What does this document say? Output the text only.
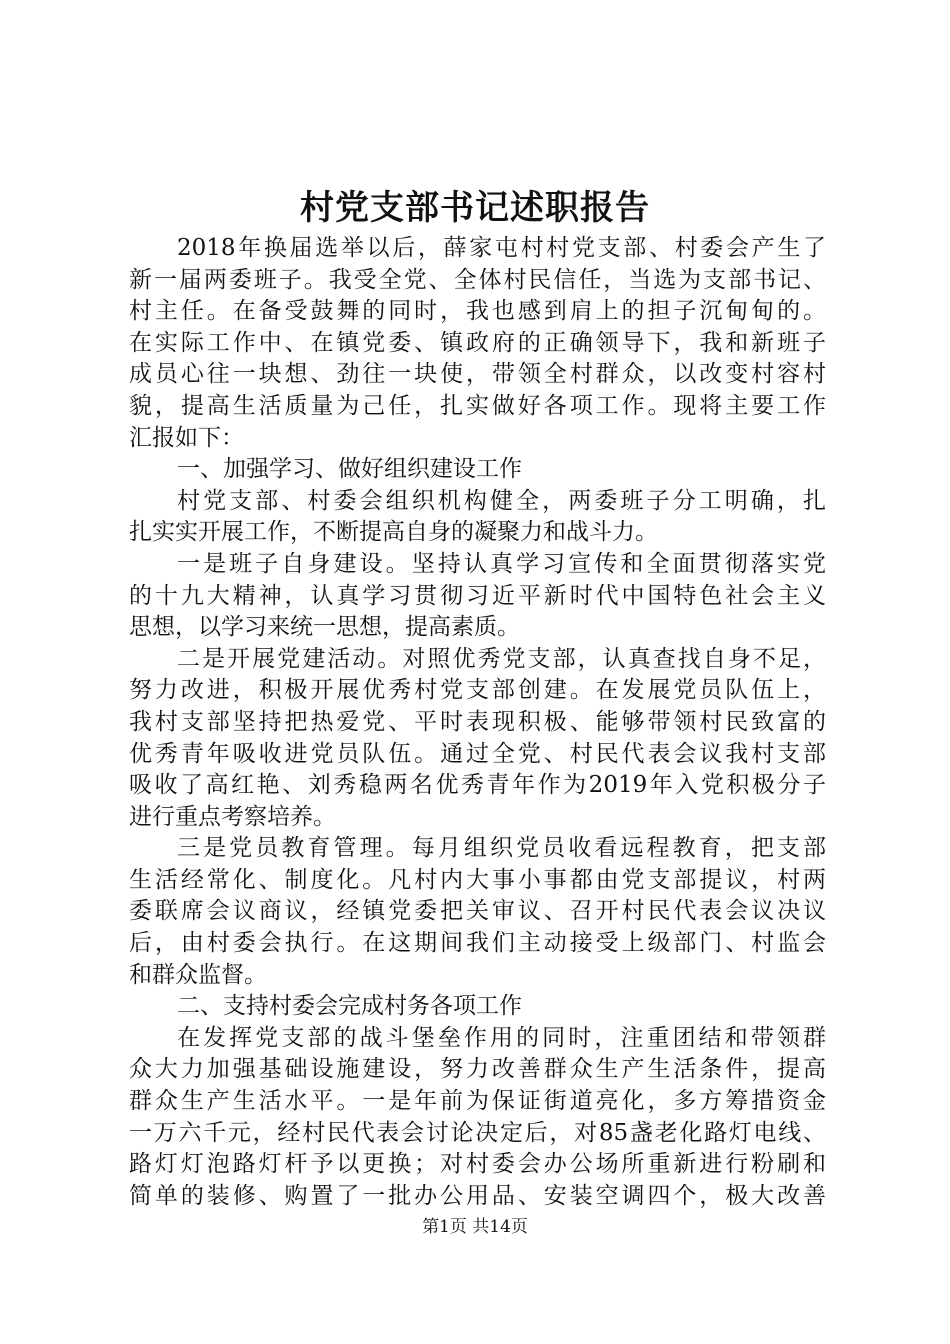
村党支部书记述职报告
2018年换届选举以后，薛家屯村村党支部、村委会产生了
新一届两委班子。我受全党、全体村民信任，当选为支部书记、
村主任。在备受鼓舞的同时，我也感到肩上的担子沉甸甸的。
在实际工作中、在镇党委、镇政府的正确领导下，我和新班子
成员心往一块想、劲往一块使，带领全村群众，以改变村容村
貌，提高生活质量为己任，扎实做好各项工作。现将主要工作
汇报如下：
一、加强学习、做好组织建设工作
村党支部、村委会组织机构健全，两委班子分工明确，扎
扎实实开展工作，不断提高自身的凝聚力和战斗力。
一是班子自身建设。坚持认真学习宣传和全面贯彻落实党
的十九大精神，认真学习贯彻习近平新时代中国特色社会主义
思想，以学习来统一思想，提高素质。
二是开展党建活动。对照优秀党支部，认真查找自身不足，
努力改进，积极开展优秀村党支部创建。在发展党员队伍上，
我村支部坚持把热爱党、平时表现积极、能够带领村民致富的
优秀青年吸收进党员队伍。通过全党、村民代表会议我村支部
吸收了高红艳、刘秀稳两名优秀青年作为2019年入党积极分子
进行重点考察培养。
三是党员教育管理。每月组织党员收看远程教育，把支部
生活经常化、制度化。凡村内大事小事都由党支部提议，村两
委联席会议商议，经镇党委把关审议、召开村民代表会议决议
后，由村委会执行。在这期间我们主动接受上级部门、村监会
和群众监督。
二、支持村委会完成村务各项工作
在发挥党支部的战斗堡垒作用的同时，注重团结和带领群
众大力加强基础设施建设，努力改善群众生产生活条件，提高
群众生产生活水平。一是年前为保证街道亮化，多方筹措资金
一万六千元，经村民代表会讨论决定后，对85盏老化路灯电线、
路灯灯泡路灯杆予以更换；对村委会办公场所重新进行粉刷和
简单的装修、购置了一批办公用品、安装空调四个，极大改善
第1页 共14页
